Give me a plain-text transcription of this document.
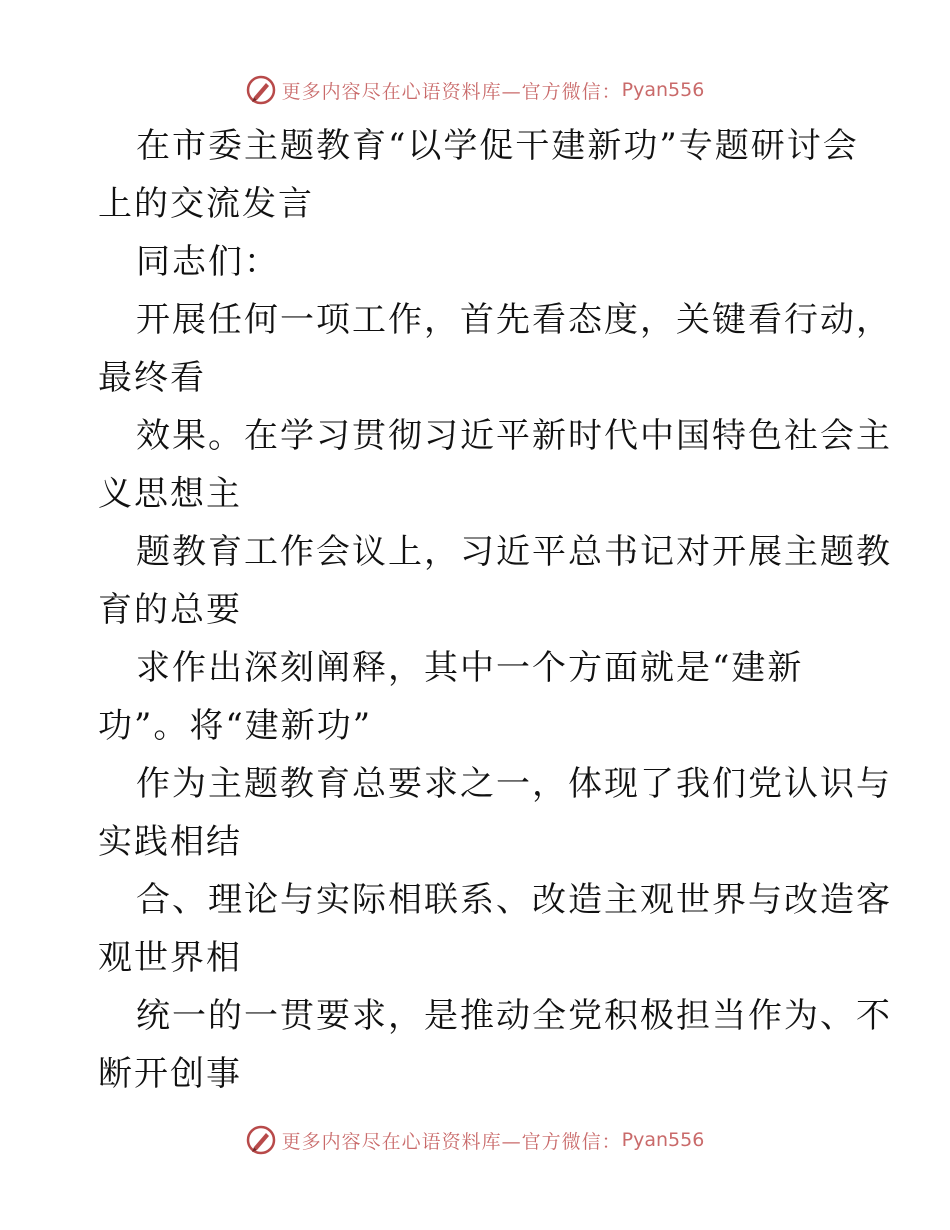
更多内容尽在心语资料库—官方微信： Pyan556
在市委主题教育“以学促干建新功”专题研讨会
上的交流发言
同志们：
开展任何一项工作，首先看态度，关键看行动，
最终看
效果。在学习贯彻习近平新时代中国特色社会主
义思想主
题教育工作会议上，习近平总书记对开展主题教
育的总要
求作出深刻阐释，其中一个方面就是“建新
功”。将“建新功”
作为主题教育总要求之一，体现了我们党认识与
实践相结
合、理论与实际相联系、改造主观世界与改造客
观世界相
统一的一贯要求，是推动全党积极担当作为、不
断开创事
更多内容尽在心语资料库—官方微信： Pyan556
